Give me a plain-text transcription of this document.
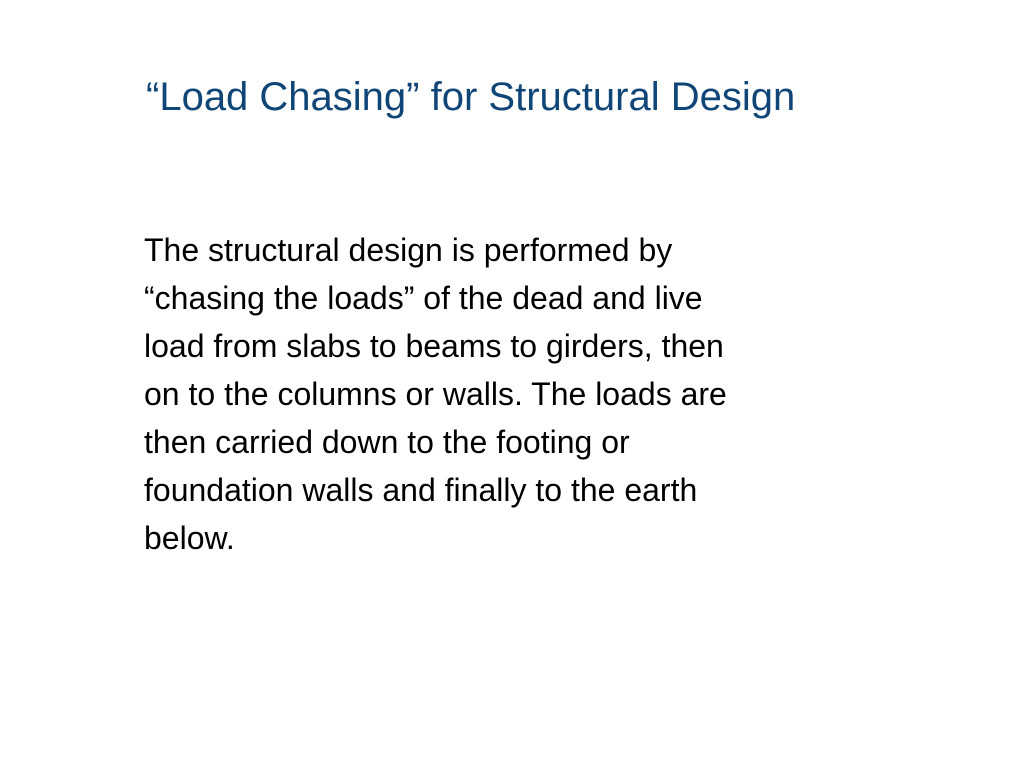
“Load Chasing” for Structural Design
The structural design is performed by
“chasing the loads” of the dead and live
load from slabs to beams to girders, then
on to the columns or walls. The loads are
then carried down to the footing or
foundation walls and finally to the earth
below.
